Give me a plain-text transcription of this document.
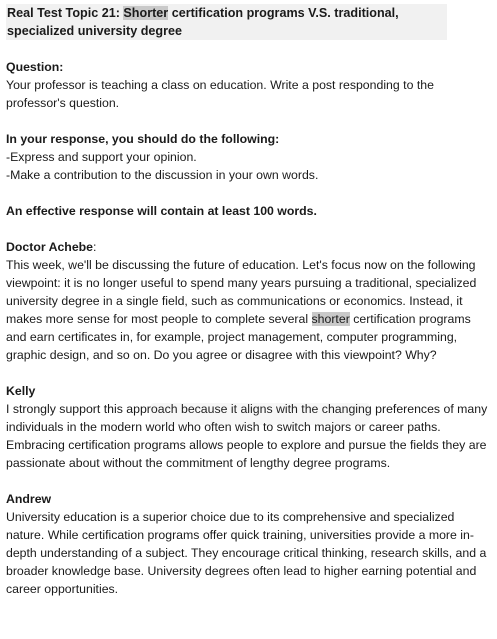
Real Test Topic 21: Shorter certification programs V.S. traditional, specialized university degree
Question:

Your professor is teaching a class on education. Write a post responding to the professor's question.

In your response, you should do the following:

-Express and support your opinion.

-Make a contribution to the discussion in your own words.

An effective response will contain at least 100 words.

Doctor Achebe:

This week, we'll be discussing the future of education. Let's focus now on the following viewpoint: it is no longer useful to spend many years pursuing a traditional, specialized university degree in a single field, such as communications or economics. Instead, it makes more sense for most people to complete several shorter certification programs and earn certificates in, for example, project management, computer programming, graphic design, and so on. Do you agree or disagree with this viewpoint? Why?

Kelly

I strongly support this approach because it aligns with the changing preferences of many individuals in the modern world who often wish to switch majors or career paths. Embracing certification programs allows people to explore and pursue the fields they are passionate about without the commitment of lengthy degree programs.

Andrew

University education is a superior choice due to its comprehensive and specialized nature. While certification programs offer quick training, universities provide a more in-depth understanding of a subject. They encourage critical thinking, research skills, and a broader knowledge base. University degrees often lead to higher earning potential and career opportunities.
